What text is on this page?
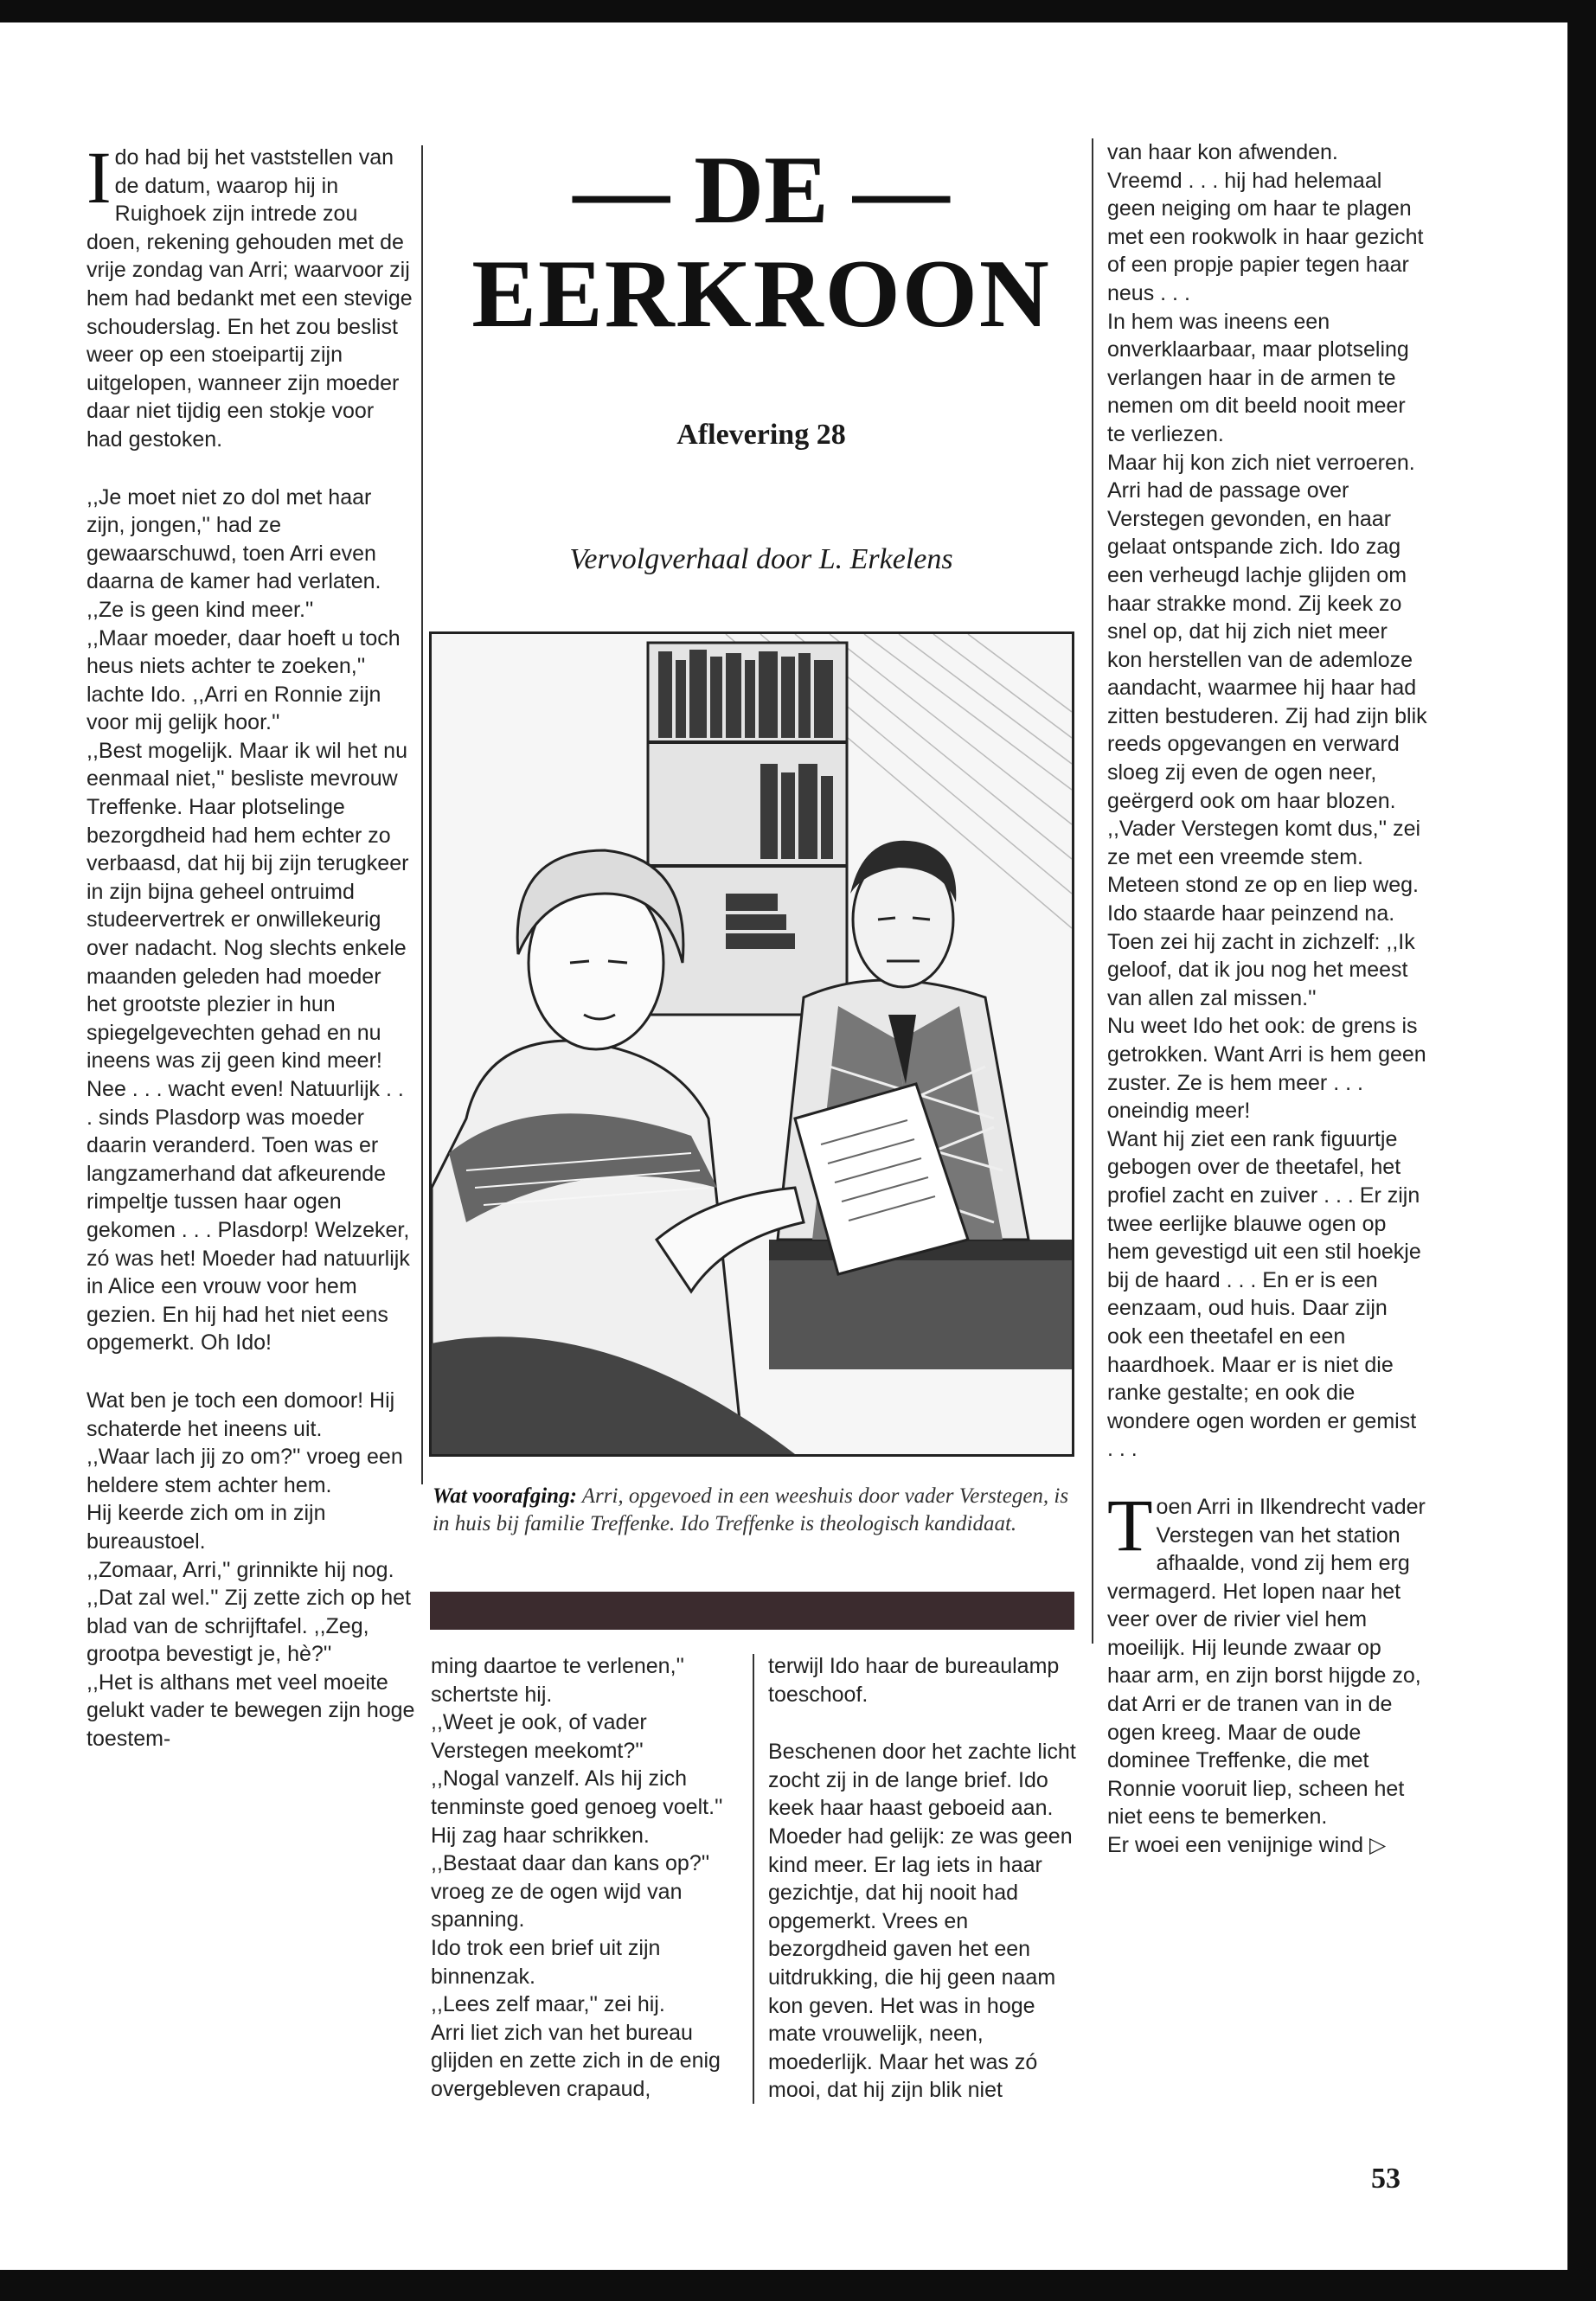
Ido had bij het vaststellen van de datum, waarop hij in Ruighoek zijn intrede zou doen, rekening gehouden met de vrije zondag van Arri; waarvoor zij hem had bedankt met een stevige schouderslag. En het zou beslist weer op een stoeipartij zijn uitgelopen, wanneer zijn moeder daar niet tijdig een stokje voor had gestoken.

,,Je moet niet zo dol met haar zijn, jongen,'' had ze gewaarschuwd, toen Arri even daarna de kamer had verlaten. ,,Ze is geen kind meer.''
,,Maar moeder, daar hoeft u toch heus niets achter te zoeken,'' lachte Ido. ,,Arri en Ronnie zijn voor mij gelijk hoor.''
,,Best mogelijk. Maar ik wil het nu eenmaal niet,'' besliste mevrouw Treffenke. Haar plotselinge bezorgdheid had hem echter zo verbaasd, dat hij bij zijn terugkeer in zijn bijna geheel ontruimd studeervertrek er onwillekeurig over nadacht. Nog slechts enkele maanden geleden had moeder het grootste plezier in hun spiegelgevechten gehad en nu ineens was zij geen kind meer! Nee . . . wacht even! Natuurlijk . . . sinds Plasdorp was moeder daarin veranderd. Toen was er langzamerhand dat afkeurende rimpeltje tussen haar ogen gekomen . . . Plasdorp! Welzeker, zó was het! Moeder had natuurlijk in Alice een vrouw voor hem gezien. En hij had het niet eens opgemerkt. Oh Ido!

Wat ben je toch een domoor! Hij schaterde het ineens uit.
,,Waar lach jij zo om?'' vroeg een heldere stem achter hem.
Hij keerde zich om in zijn bureaustoel.
,,Zomaar, Arri,'' grinnikte hij nog.
,,Dat zal wel.'' Zij zette zich op het blad van de schrijftafel. ,,Zeg, grootpa bevestigt je, hè?''
,,Het is althans met veel moeite gelukt vader te bewegen zijn hoge toestem-

— DE —
EERKROON
Aflevering 28
Vervolgverhaal door L. Erkelens
Wat voorafging: Arri, opgevoed in een weeshuis door vader Verstegen, is in huis bij familie Treffenke. Ido Treffenke is theologisch kandidaat.

ming daartoe te verlenen,'' schertste hij.
,,Weet je ook, of vader Verstegen meekomt?''
,,Nogal vanzelf. Als hij zich tenminste goed genoeg voelt.''
Hij zag haar schrikken. ,,Bestaat daar dan kans op?'' vroeg ze de ogen wijd van spanning.
Ido trok een brief uit zijn binnenzak.
,,Lees zelf maar,'' zei hij.
Arri liet zich van het bureau glijden en zette zich in de enig overgebleven crapaud,

terwijl Ido haar de bureaulamp toeschoof.

Beschenen door het zachte licht zocht zij in de lange brief. Ido keek haar haast geboeid aan. Moeder had gelijk: ze was geen kind meer. Er lag iets in haar gezichtje, dat hij nooit had opgemerkt. Vrees en bezorgdheid gaven het een uitdrukking, die hij geen naam kon geven. Het was in hoge mate vrouwelijk, neen, moederlijk. Maar het was zó mooi, dat hij zijn blik niet

van haar kon afwenden.
Vreemd . . . hij had helemaal geen neiging om haar te plagen met een rookwolk in haar gezicht of een propje papier tegen haar neus . . .
In hem was ineens een onverklaarbaar, maar plotseling verlangen haar in de armen te nemen om dit beeld nooit meer te verliezen.
Maar hij kon zich niet verroeren. Arri had de passage over Verstegen gevonden, en haar gelaat ontspande zich. Ido zag een verheugd lachje glijden om haar strakke mond. Zij keek zo snel op, dat hij zich niet meer kon herstellen van de ademloze aandacht, waarmee hij haar had zitten bestuderen. Zij had zijn blik reeds opgevangen en verward sloeg zij even de ogen neer, geërgerd ook om haar blozen.
,,Vader Verstegen komt dus,'' zei ze met een vreemde stem. Meteen stond ze op en liep weg.
Ido staarde haar peinzend na. Toen zei hij zacht in zichzelf: ,,Ik geloof, dat ik jou nog het meest van allen zal missen.''
Nu weet Ido het ook: de grens is getrokken. Want Arri is hem geen zuster. Ze is hem meer . . . oneindig meer!
Want hij ziet een rank figuurtje gebogen over de theetafel, het profiel zacht en zuiver . . . Er zijn twee eerlijke blauwe ogen op hem gevestigd uit een stil hoekje bij de haard . . . En er is een eenzaam, oud huis. Daar zijn ook een theetafel en een haardhoek. Maar er is niet die ranke gestalte; en ook die wondere ogen worden er gemist . . .

Toen Arri in Ilkendrecht vader Verstegen van het station afhaalde, vond zij hem erg vermagerd. Het lopen naar het veer over de rivier viel hem moeilijk. Hij leunde zwaar op haar arm, en zijn borst hijgde zo, dat Arri er de tranen van in de ogen kreeg. Maar de oude dominee Treffenke, die met Ronnie vooruit liep, scheen het niet eens te bemerken.
Er woei een venijnige wind ▷

53
